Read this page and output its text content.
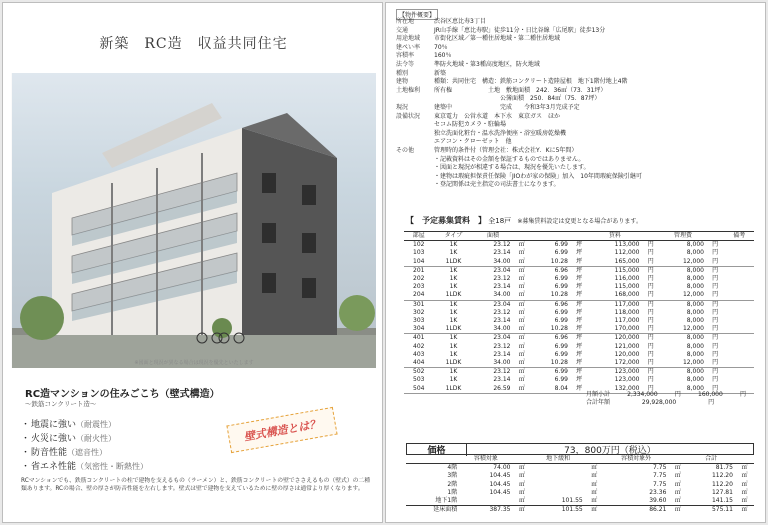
新築　RC造　収益共同住宅
※図面と現況が異なる場合は現況を優先といたします
RC造マンションの住みごこち（壁式構造）
〜鉄筋コンクリート造〜
・地震に強い（耐震性）
・火災に強い（耐火性）
・防音性能（遮音性）
・省エネ性能（気密性・断熱性）
壁式構造とは？
RCマンションでも、鉄筋コンクリートの柱で建物を支えるもの（ラーメン）と、鉄筋コンクリートの壁でささえるもの（壁式）の二種類あります。RCの場合、壁の厚さが防音性能を左右します。壁式は壁で建物を支えているために壁の厚さは通常より厚くなります。
【物件概要】
所在地	渋谷区恵比寿3丁目
交通	JR山手線「恵比寿駅」徒歩11分・日比谷線「広尾駅」徒歩13分
用途地域	市街化区域／第一種住居地域・第二種住居地域
建ぺい率	70％
容積率	160％
法令等	準防火地域・第3種高度地区，防火地域
種別	新築
建物	種類：共同住宅　構造：鉄筋コンクリート造陸屋根　地下1階付地上4階
土地権利	所有権　　　　　　土地　敷地面積　242．36㎡（73．31坪）
　　　　　　　　　　　公簿面積　250．84㎡（75．87坪）
現況	建築中　　　　　　　　完成　　令和3年3月完成予定
設備状況	東京電力　公営水道　本下水　東京ガス　ほか
セコム防犯カメラ・駐輪場
独立洗面化粧台・温水洗浄便座・浴室暖房乾燥機
エアコン・クローゼット　他
その他	管理時的条件付（管理会社：株式会社Y．Kに5年間）
・記載資料はその金額を保証するものではありません。
・図面と現況が相違する場合は、現況を優先いたします。
・建物は瑕疵担保責任保険「JIOわが家の保険」加入　10年間瑕疵保険引継可
・登記関係は売主指定の司法書士になります。
【　予定募集賃料　】 全18戸 ※募集賃料設定は変更となる場合があります。
部屋	タイプ	面積				賃料		管理費		備考
102	1K	23.12	㎡	6.99	坪	113,000	円	8,000	円	
103	1K	23.14	㎡	6.99	坪	112,000	円	8,000	円	
104	1LDK	34.00	㎡	10.28	坪	165,000	円	12,000	円	
201	1K	23.04	㎡	6.96	坪	115,000	円	8,000	円	
202	1K	23.12	㎡	6.99	坪	116,000	円	8,000	円	
203	1K	23.14	㎡	6.99	坪	115,000	円	8,000	円	
204	1LDK	34.00	㎡	10.28	坪	168,000	円	12,000	円	
301	1K	23.04	㎡	6.96	坪	117,000	円	8,000	円	
302	1K	23.12	㎡	6.99	坪	118,000	円	8,000	円	
303	1K	23.14	㎡	6.99	坪	117,000	円	8,000	円	
304	1LDK	34.00	㎡	10.28	坪	170,000	円	12,000	円	
401	1K	23.04	㎡	6.96	坪	120,000	円	8,000	円	
402	1K	23.12	㎡	6.99	坪	121,000	円	8,000	円	
403	1K	23.14	㎡	6.99	坪	120,000	円	8,000	円	
404	1LDK	34.00	㎡	10.28	坪	172,000	円	12,000	円	
502	1K	23.12	㎡	6.99	坪	123,000	円	8,000	円	
503	1K	23.14	㎡	6.99	坪	123,000	円	8,000	円	
504	1LDK	26.59	㎡	8.04	坪	132,000	円	8,000	円	
月額小計	2,334,000	円	160,000	円
合計年額	29,928,000	円
価格	73，800万円（税込）
	容積対象		地下緩和		容積対象外		合計	
4階	74.00	㎡		㎡	7.75	㎡	81.75	㎡
3階	104.45	㎡		㎡	7.75	㎡	112.20	㎡
2階	104.45	㎡		㎡	7.75	㎡	112.20	㎡
1階	104.45	㎡		㎡	23.36	㎡	127.81	㎡
地下1階		㎡	101.55	㎡	39.60	㎡	141.15	㎡
延床面積	387.35	㎡	101.55	㎡	86.21	㎡	575.11	㎡
